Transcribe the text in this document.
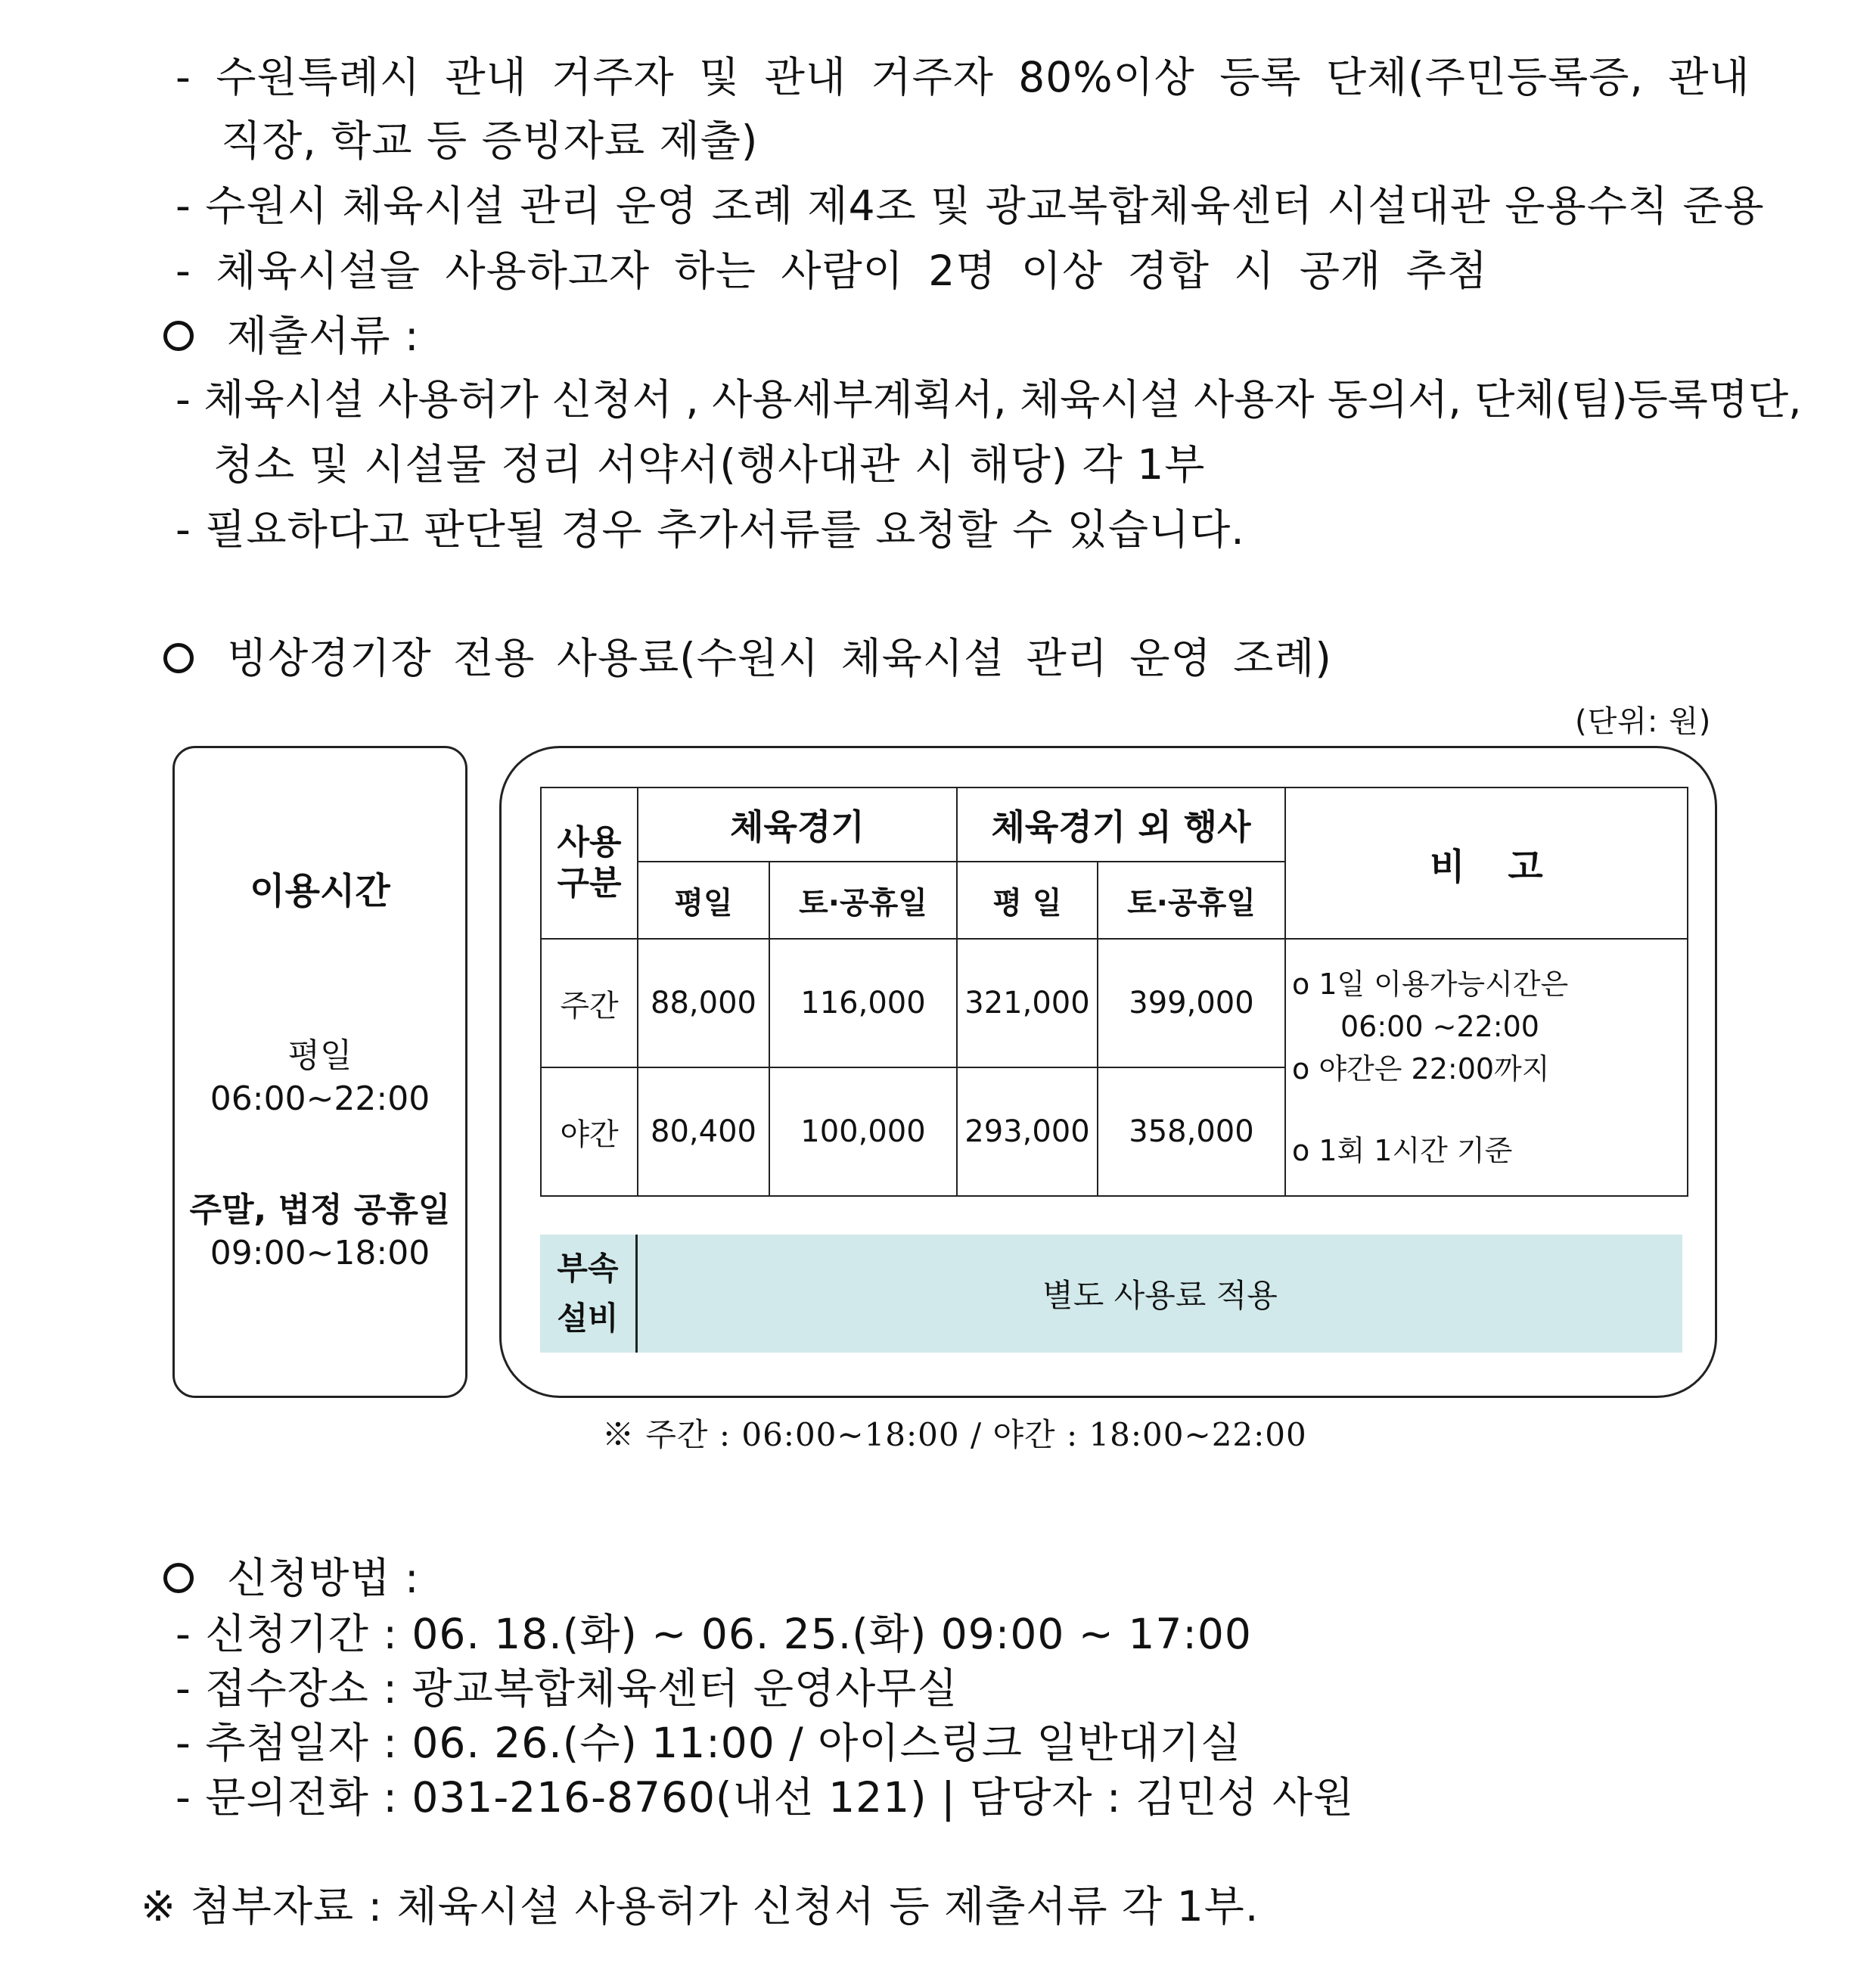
- 수원특례시 관내 거주자 및 관내 거주자 80%이상 등록 단체(주민등록증, 관내
직장, 학교 등 증빙자료 제출)
- 수원시 체육시설 관리 운영 조례 제4조 및 광교복합체육센터 시설대관 운용수칙 준용
- 체육시설을 사용하고자 하는 사람이 2명 이상 경합 시 공개 추첨
제출서류 :
- 체육시설 사용허가 신청서 , 사용세부계획서, 체육시설 사용자 동의서, 단체(팀)등록명단,
청소 및 시설물 정리 서약서(행사대관 시 해당) 각 1부
- 필요하다고 판단될 경우 추가서류를 요청할 수 있습니다.
빙상경기장 전용 사용료(수원시 체육시설 관리 운영 조례)
(단위: 원)
이용시간
평일
06:00~22:00
주말, 법정 공휴일
09:00~18:00
사용
구분	체육경기		체육경기 외 행사		비 고
	평일	토·공휴일	평 일	토·공휴일	
주간	88,000	116,000	321,000	399,000	o 1일 이용가능시간은
06:00 ~22:00
o 야간은 22:00까지
o 1회 1시간 기준

야간	80,400	100,000	293,000	358,000	
부속
설비
별도 사용료 적용
※ 주간 : 06:00~18:00 / 야간 : 18:00~22:00
신청방법 :
- 신청기간 : 06. 18.(화) ~ 06. 25.(화) 09:00 ~ 17:00
- 접수장소 : 광교복합체육센터 운영사무실
- 추첨일자 : 06. 26.(수) 11:00 / 아이스링크 일반대기실
- 문의전화 : 031-216-8760(내선 121) | 담당자 : 김민성 사원
※ 첨부자료 : 체육시설 사용허가 신청서 등 제출서류 각 1부.
